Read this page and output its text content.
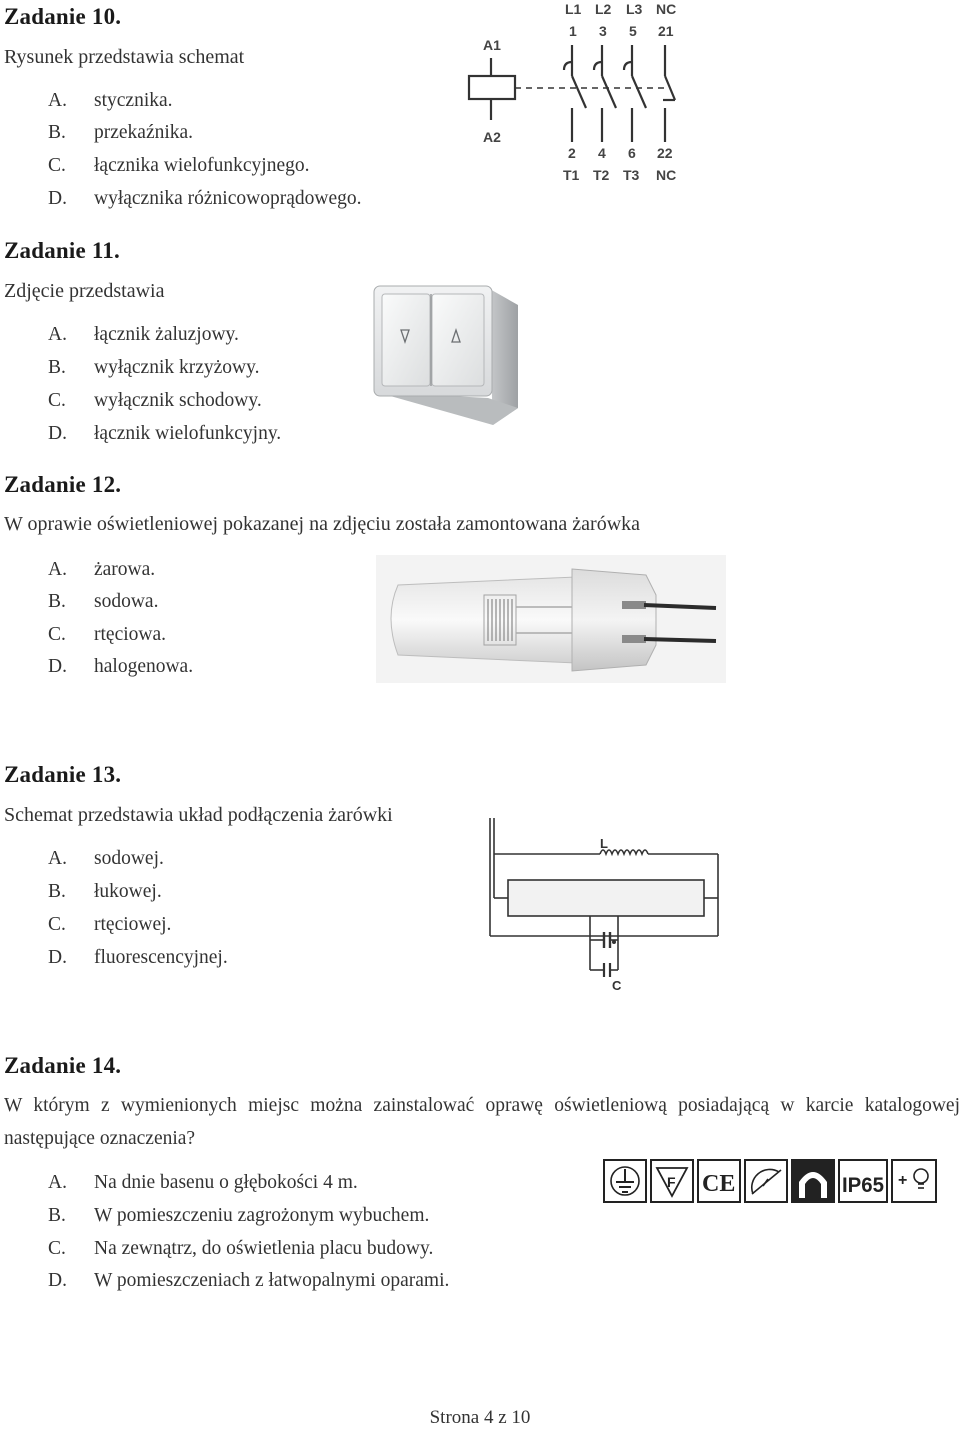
Zadanie 10.
Rysunek przedstawia schemat
A. stycznika.
B. przekaźnika.
C. łącznika wielofunkcyjnego.
D. wyłącznika różnicowoprądowego.
A1
A2
L1 L2 L3 NC
1 3 5 21
2 4 6 22
T1 T2 T3 NC
Zadanie 11.
Zdjęcie przedstawia
A. łącznik żaluzjowy.
B. wyłącznik krzyżowy.
C. wyłącznik schodowy.
D. łącznik wielofunkcyjny.
Zadanie 12.
W oprawie oświetleniowej pokazanej na zdjęciu została zamontowana żarówka
A. żarowa.
B. sodowa.
C. rtęciowa.
D. halogenowa.
Zadanie 13.
Schemat przedstawia układ podłączenia żarówki
A. sodowej.
B. łukowej.
C. rtęciowej.
D. fluorescencyjnej.
L
C
Zadanie 14.
W którym z wymienionych miejsc można zainstalować oprawę oświetleniową posiadającą w karcie katalogowej następujące oznaczenia?
A. Na dnie basenu o głębokości 4 m.
B. W pomieszczeniu zagrożonym wybuchem.
C. Na zewnątrz, do oświetlenia placu budowy.
D. W pomieszczeniach z łatwopalnymi oparami.
F CE	IP65 +
Strona 4 z 10
